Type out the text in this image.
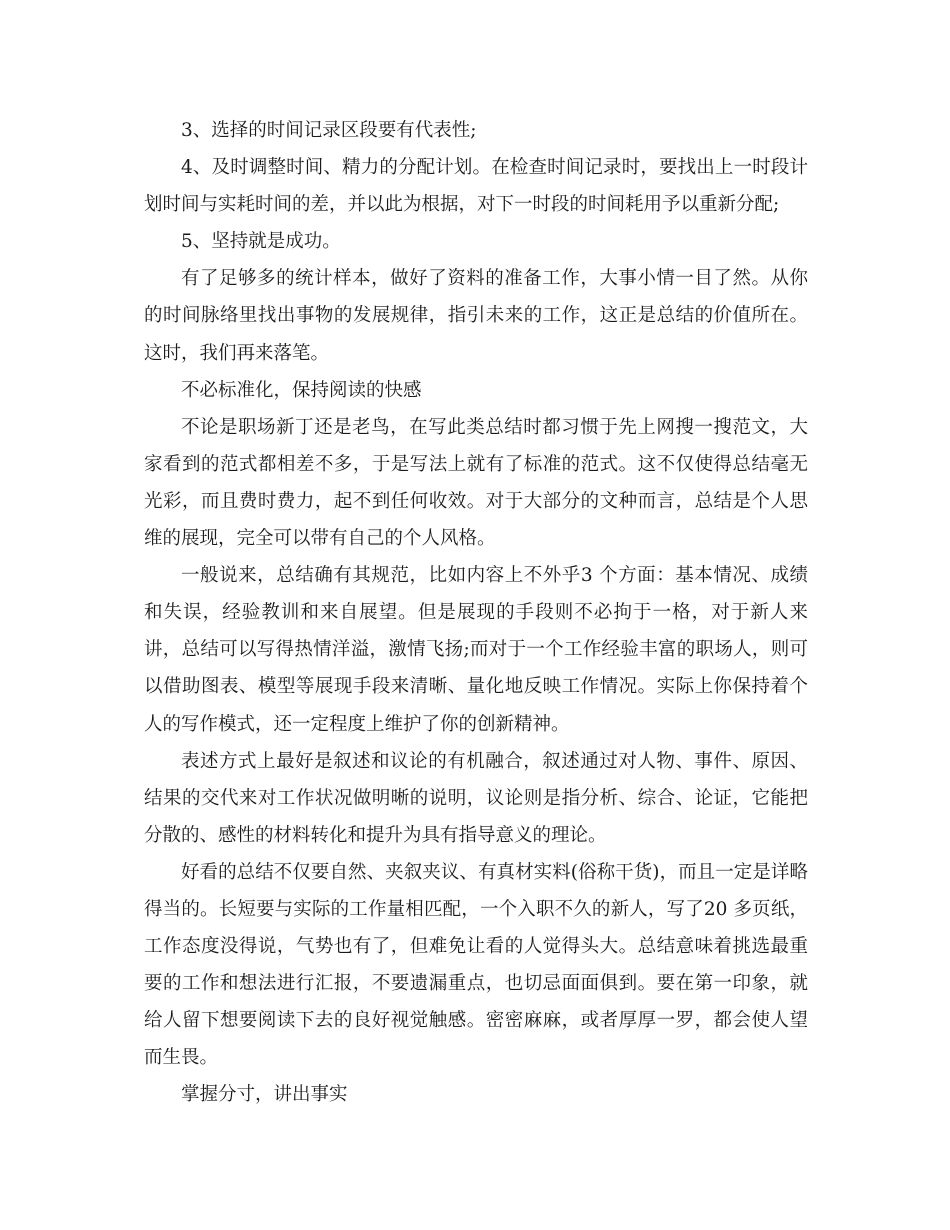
3、选择的时间记录区段要有代表性;

4、及时调整时间、精力的分配计划。在检查时间记录时，要找出上一时段计划时间与实耗时间的差，并以此为根据，对下一时段的时间耗用予以重新分配;

5、坚持就是成功。

有了足够多的统计样本，做好了资料的准备工作，大事小情一目了然。从你的时间脉络里找出事物的发展规律，指引未来的工作，这正是总结的价值所在。这时，我们再来落笔。

不必标准化，保持阅读的快感

不论是职场新丁还是老鸟，在写此类总结时都习惯于先上网搜一搜范文，大家看到的范式都相差不多，于是写法上就有了标准的范式。这不仅使得总结毫无光彩，而且费时费力，起不到任何收效。对于大部分的文种而言，总结是个人思维的展现，完全可以带有自己的个人风格。

一般说来，总结确有其规范，比如内容上不外乎3 个方面：基本情况、成绩和失误，经验教训和来自展望。但是展现的手段则不必拘于一格，对于新人来讲，总结可以写得热情洋溢，激情飞扬;而对于一个工作经验丰富的职场人，则可以借助图表、模型等展现手段来清晰、量化地反映工作情况。实际上你保持着个人的写作模式，还一定程度上维护了你的创新精神。

表述方式上最好是叙述和议论的有机融合，叙述通过对人物、事件、原因、结果的交代来对工作状况做明晰的说明，议论则是指分析、综合、论证，它能把分散的、感性的材料转化和提升为具有指导意义的理论。

好看的总结不仅要自然、夹叙夹议、有真材实料(俗称干货)，而且一定是详略得当的。长短要与实际的工作量相匹配，一个入职不久的新人，写了20 多页纸，工作态度没得说，气势也有了，但难免让看的人觉得头大。总结意味着挑选最重要的工作和想法进行汇报，不要遗漏重点，也切忌面面俱到。要在第一印象，就给人留下想要阅读下去的良好视觉触感。密密麻麻，或者厚厚一罗，都会使人望而生畏。

掌握分寸，讲出事实
